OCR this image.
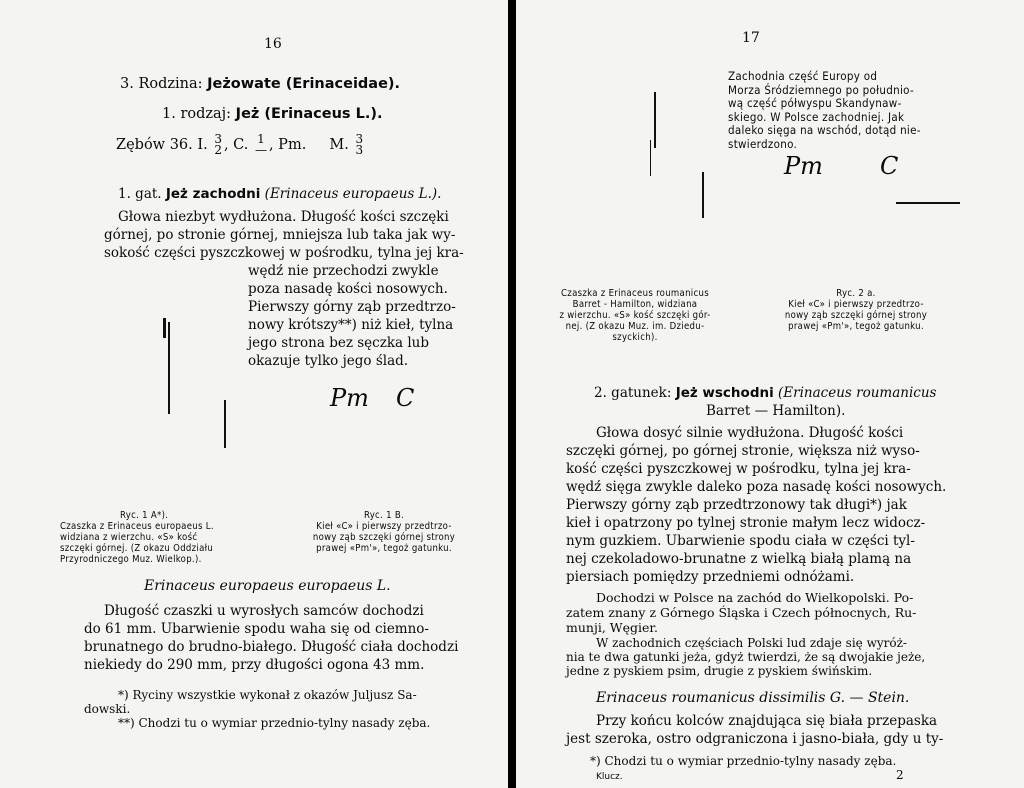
16
3. Rodzina: Jeżowate (Erinaceidae).
1. rodzaj: Jeż (Erinaceus L.).
Zębów 36. I. 3
2 , C. 1
— , Pm. M. 3
3
1. gat. Jeż zachodni (Erinaceus europaeus L.).
Głowa niezbyt wydłużona. Długość kości szczęki
górnej, po stronie górnej, mniejsza lub taka jak wy-
sokość części pyszczkowej w pośrodku, tylna jej kra-
wędź nie przechodzi zwykle
poza nasadę kości nosowych.
Pierwszy górny ząb przedtrzo-
nowy krótszy**) niż kieł, tylna
jego strona bez sęczka lub
okazuje tylko jego ślad.
Pm C
Ryc. 1 A*).
Czaszka z Erinaceus europaeus L.
widziana z wierzchu. «S» kość
szczęki górnej. (Z okazu Oddziału
Przyrodniczego Muz. Wielkop.).
Ryc. 1 B.
Kieł «C» i pierwszy przedtrzo-
nowy ząb szczęki górnej strony
prawej «Pm'», tegoż gatunku.
Erinaceus europaeus europaeus L.
Długość czaszki u wyrosłych samców dochodzi
do 61 mm. Ubarwienie spodu waha się od ciemno-
brunatnego do brudno-białego. Długość ciała dochodzi
niekiedy do 290 mm, przy długości ogona 43 mm.
*) Ryciny wszystkie wykonał z okazów Juljusz Sa-
dowski.
**) Chodzi tu o wymiar przednio-tylny nasady zęba.
17
Zachodnia część Europy od
Morza Śródziemnego po południo-
wą część półwyspu Skandynaw-
skiego. W Polsce zachodniej. Jak
daleko sięga na wschód, dotąd nie-
stwierdzono.
Pm C
Czaszka z Erinaceus roumanicus
Barret - Hamilton, widziana
z wierzchu. «S» kość szczęki gór-
nej. (Z okazu Muz. im. Dziedu-
szyckich).
Ryc. 2 a.
Kieł «C» i pierwszy przedtrzo-
nowy ząb szczęki górnej strony
prawej «Pm'», tegoż gatunku.
2. gatunek: Jeż wschodni (Erinaceus roumanicus
Barret — Hamilton).
Głowa dosyć silnie wydłużona. Długość kości
szczęki górnej, po górnej stronie, większa niż wyso-
kość części pyszczkowej w pośrodku, tylna jej kra-
wędź sięga zwykle daleko poza nasadę kości nosowych.
Pierwszy górny ząb przedtrzonowy tak długi*) jak
kieł i opatrzony po tylnej stronie małym lecz widocz-
nym guzkiem. Ubarwienie spodu ciała w części tyl-
nej czekoladowo-brunatne z wielką białą plamą na
piersiach pomiędzy przedniemi odnóżami.
Dochodzi w Polsce na zachód do Wielkopolski. Po-
zatem znany z Górnego Śląska i Czech północnych, Ru-
munji, Węgier.
W zachodnich częściach Polski lud zdaje się wyróż-
nia te dwa gatunki jeża, gdyż twierdzi, że są dwojakie jeże,
jedne z pyskiem psim, drugie z pyskiem świńskim.
Erinaceus roumanicus dissimilis G. — Stein.
Przy końcu kolców znajdująca się biała przepaska
jest szeroka, ostro odgraniczona i jasno-biała, gdy u ty-
*) Chodzi tu o wymiar przednio-tylny nasady zęba.
Klucz.	2
